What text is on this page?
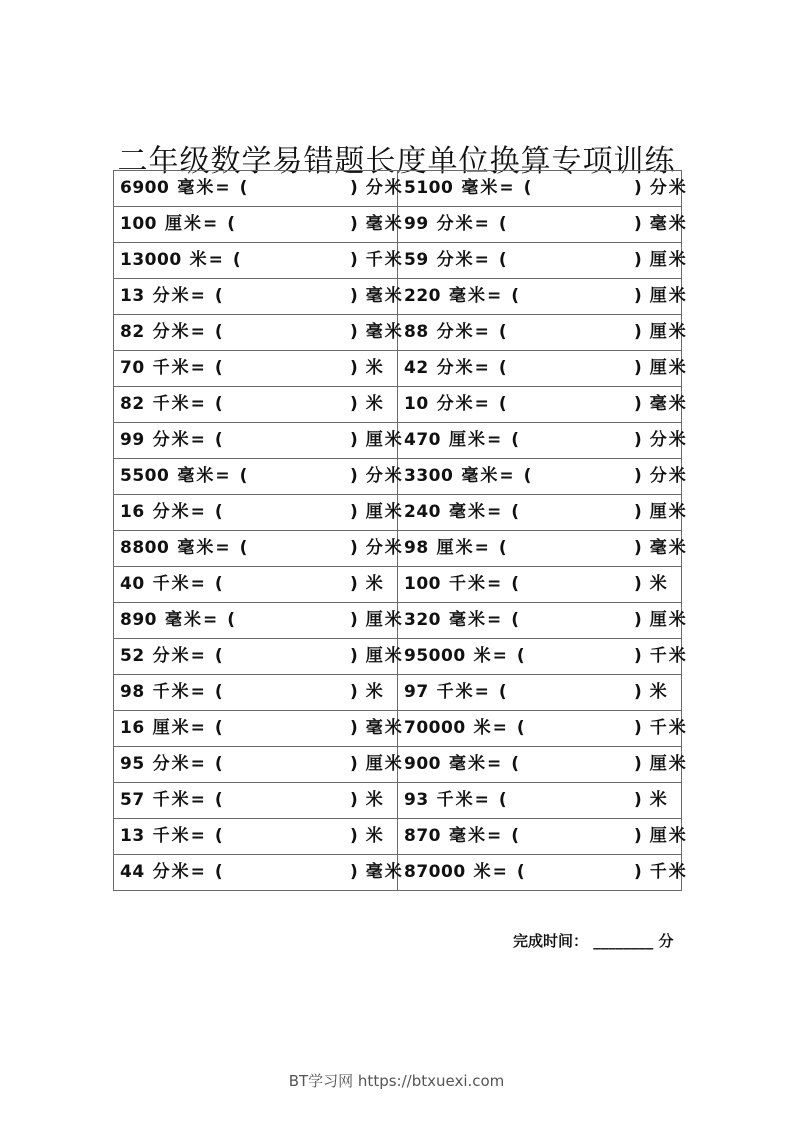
二年级数学易错题长度单位换算专项训练
6900 毫米= ( ) 分米	5100 毫米= ( ) 分米

100 厘米= ( ) 毫米	99 分米= ( ) 毫米

13000 米= ( ) 千米	59 分米= ( ) 厘米

13 分米= ( ) 毫米	220 毫米= ( ) 厘米

82 分米= ( ) 毫米	88 分米= ( ) 厘米

70 千米= ( ) 米	42 分米= ( ) 厘米

82 千米= ( ) 米	10 分米= ( ) 毫米

99 分米= ( ) 厘米	470 厘米= ( ) 分米

5500 毫米= ( ) 分米	3300 毫米= ( ) 分米

16 分米= ( ) 厘米	240 毫米= ( ) 厘米

8800 毫米= ( ) 分米	98 厘米= ( ) 毫米

40 千米= ( ) 米	100 千米= ( ) 米

890 毫米= ( ) 厘米	320 毫米= ( ) 厘米

52 分米= ( ) 厘米	95000 米= ( ) 千米

98 千米= ( ) 米	97 千米= ( ) 米

16 厘米= ( ) 毫米	70000 米= ( ) 千米

95 分米= ( ) 厘米	900 毫米= ( ) 厘米

57 千米= ( ) 米	93 千米= ( ) 米

13 千米= ( ) 米	870 毫米= ( ) 厘米

44 分米= ( ) 毫米	87000 米= ( ) 千米
完成时间： ________ 分
BT学习网 https://btxuexi.com
